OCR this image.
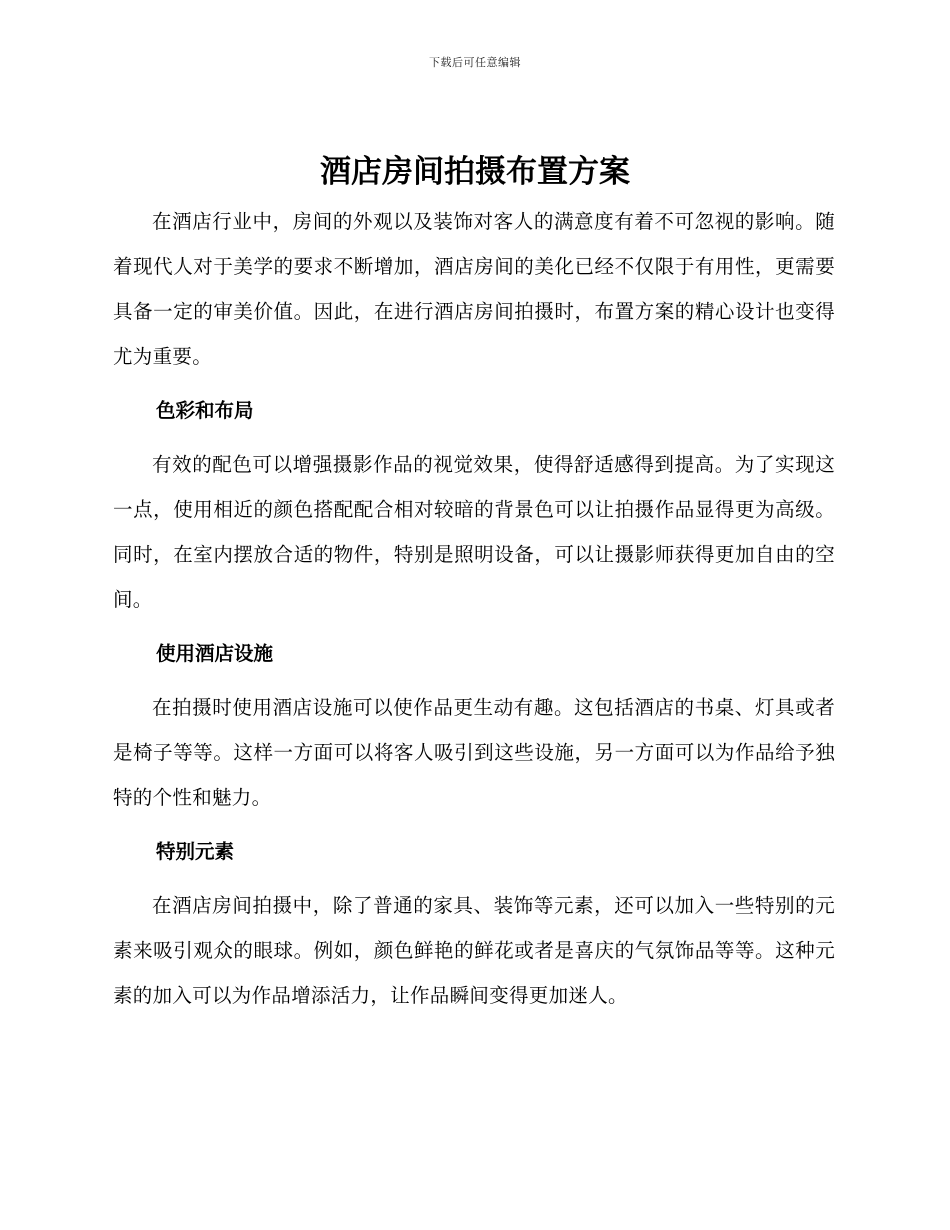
下载后可任意编辑
酒店房间拍摄布置方案

在酒店行业中，房间的外观以及装饰对客人的满意度有着不可忽视的影响。随着现代人对于美学的要求不断增加，酒店房间的美化已经不仅限于有用性，更需要具备一定的审美价值。因此，在进行酒店房间拍摄时，布置方案的精心设计也变得尤为重要。

色彩和布局

有效的配色可以增强摄影作品的视觉效果，使得舒适感得到提高。为了实现这一点，使用相近的颜色搭配配合相对较暗的背景色可以让拍摄作品显得更为高级。同时，在室内摆放合适的物件，特别是照明设备，可以让摄影师获得更加自由的空间。

使用酒店设施

在拍摄时使用酒店设施可以使作品更生动有趣。这包括酒店的书桌、灯具或者是椅子等等。这样一方面可以将客人吸引到这些设施，另一方面可以为作品给予独特的个性和魅力。

特别元素

在酒店房间拍摄中，除了普通的家具、装饰等元素，还可以加入一些特别的元素来吸引观众的眼球。例如，颜色鲜艳的鲜花或者是喜庆的气氛饰品等等。这种元素的加入可以为作品增添活力，让作品瞬间变得更加迷人。
